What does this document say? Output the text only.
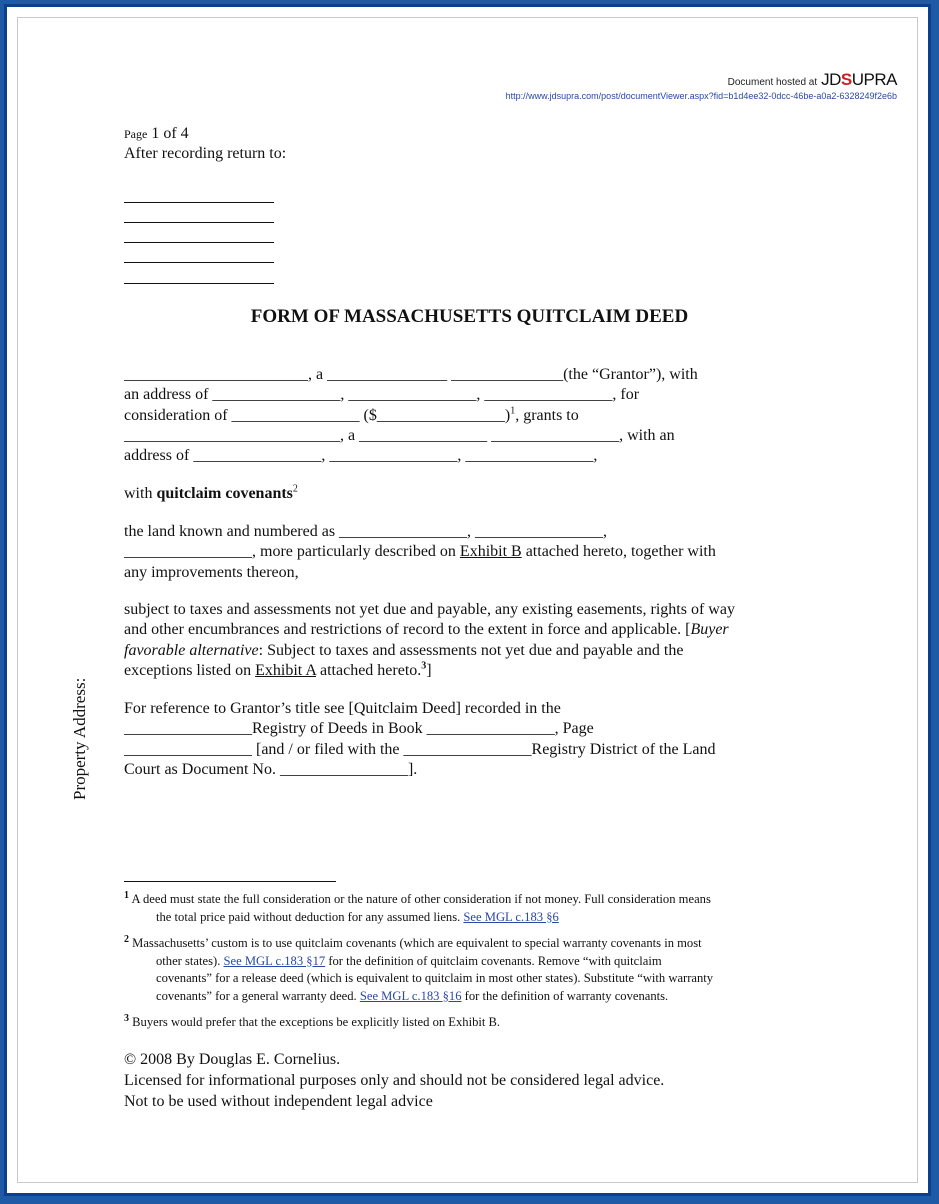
Document hosted at JDSUPRA
http://www.jdsupra.com/post/documentViewer.aspx?fid=b1d4ee32-0dcc-46be-a0a2-6328249f2e6b
Property Address:
Page 1 of 4
After recording return to:
FORM OF MASSACHUSETTS QUITCLAIM DEED
_______________________, a _______________ ______________(the “Grantor”), with
an address of ________________, ________________, ________________, for
consideration of ________________ ($________________)$^1$, grants to
___________________________, a ________________ ________________, with an
address of ________________, ________________, ________________,
with quitclaim covenants$^2$
the land known and numbered as ________________, ________________,
________________, more particularly described on Exhibit B attached hereto, together with
any improvements thereon,
subject to taxes and assessments not yet due and payable, any existing easements, rights of way
and other encumbrances and restrictions of record to the extent in force and applicable. [Buyer
favorable alternative: Subject to taxes and assessments not yet due and payable and the
exceptions listed on Exhibit A attached hereto.$^3$]
For reference to Grantor’s title see [Quitclaim Deed] recorded in the
________________Registry of Deeds in Book ________________, Page
________________ [and / or filed with the ________________Registry District of the Land
Court as Document No. ________________].
$^1$ A deed must state the full consideration or the nature of other consideration if not money. Full consideration means
the total price paid without deduction for any assumed liens. See MGL c.183 §6
$^2$ Massachusetts’ custom is to use quitclaim covenants (which are equivalent to special warranty covenants in most
other states). See MGL c.183 §17 for the definition of quitclaim covenants. Remove “with quitclaim
covenants” for a release deed (which is equivalent to quitclaim in most other states). Substitute “with warranty
covenants” for a general warranty deed. See MGL c.183 §16 for the definition of warranty covenants.
$^3$ Buyers would prefer that the exceptions be explicitly listed on Exhibit B.
© 2008 By Douglas E. Cornelius.
Licensed for informational purposes only and should not be considered legal advice.
Not to be used without independent legal advice
